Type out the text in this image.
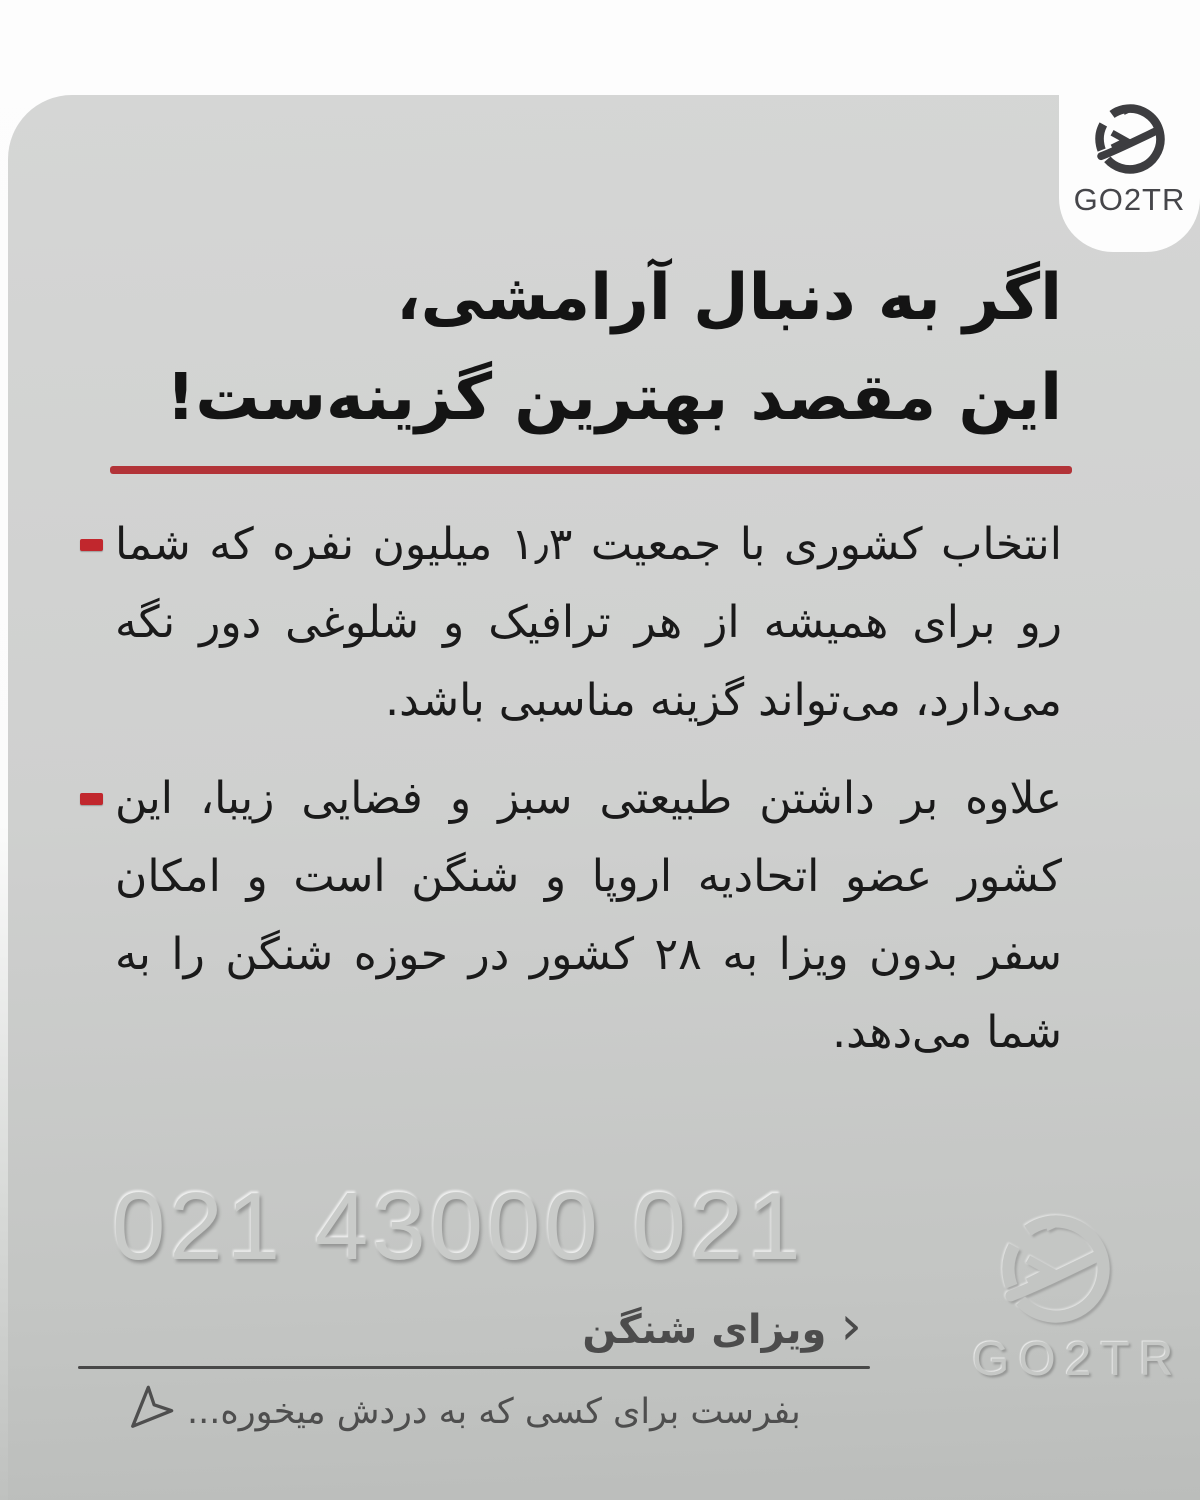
GO2TR
اگر به دنبال آرامشی،
این مقصد بهترین گزینه‌ست!

انتخاب کشوری با جمعیت ۱٫۳ میلیون نفره که شما رو برای همیشه از هر ترافیک و شلوغی دور نگه می‌دارد، می‌تواند گزینه مناسبی باشد.

علاوه بر داشتن طبیعتی سبز و فضایی زیبا، این کشور عضو اتحادیه اروپا و شنگن است و امکان سفر بدون ویزا به ۲۸ کشور در حوزه شنگن را به شما می‌دهد.

021 43000 021
GO2TR
ویزای شنگن ›
بفرست برای کسی که به دردش میخوره...
